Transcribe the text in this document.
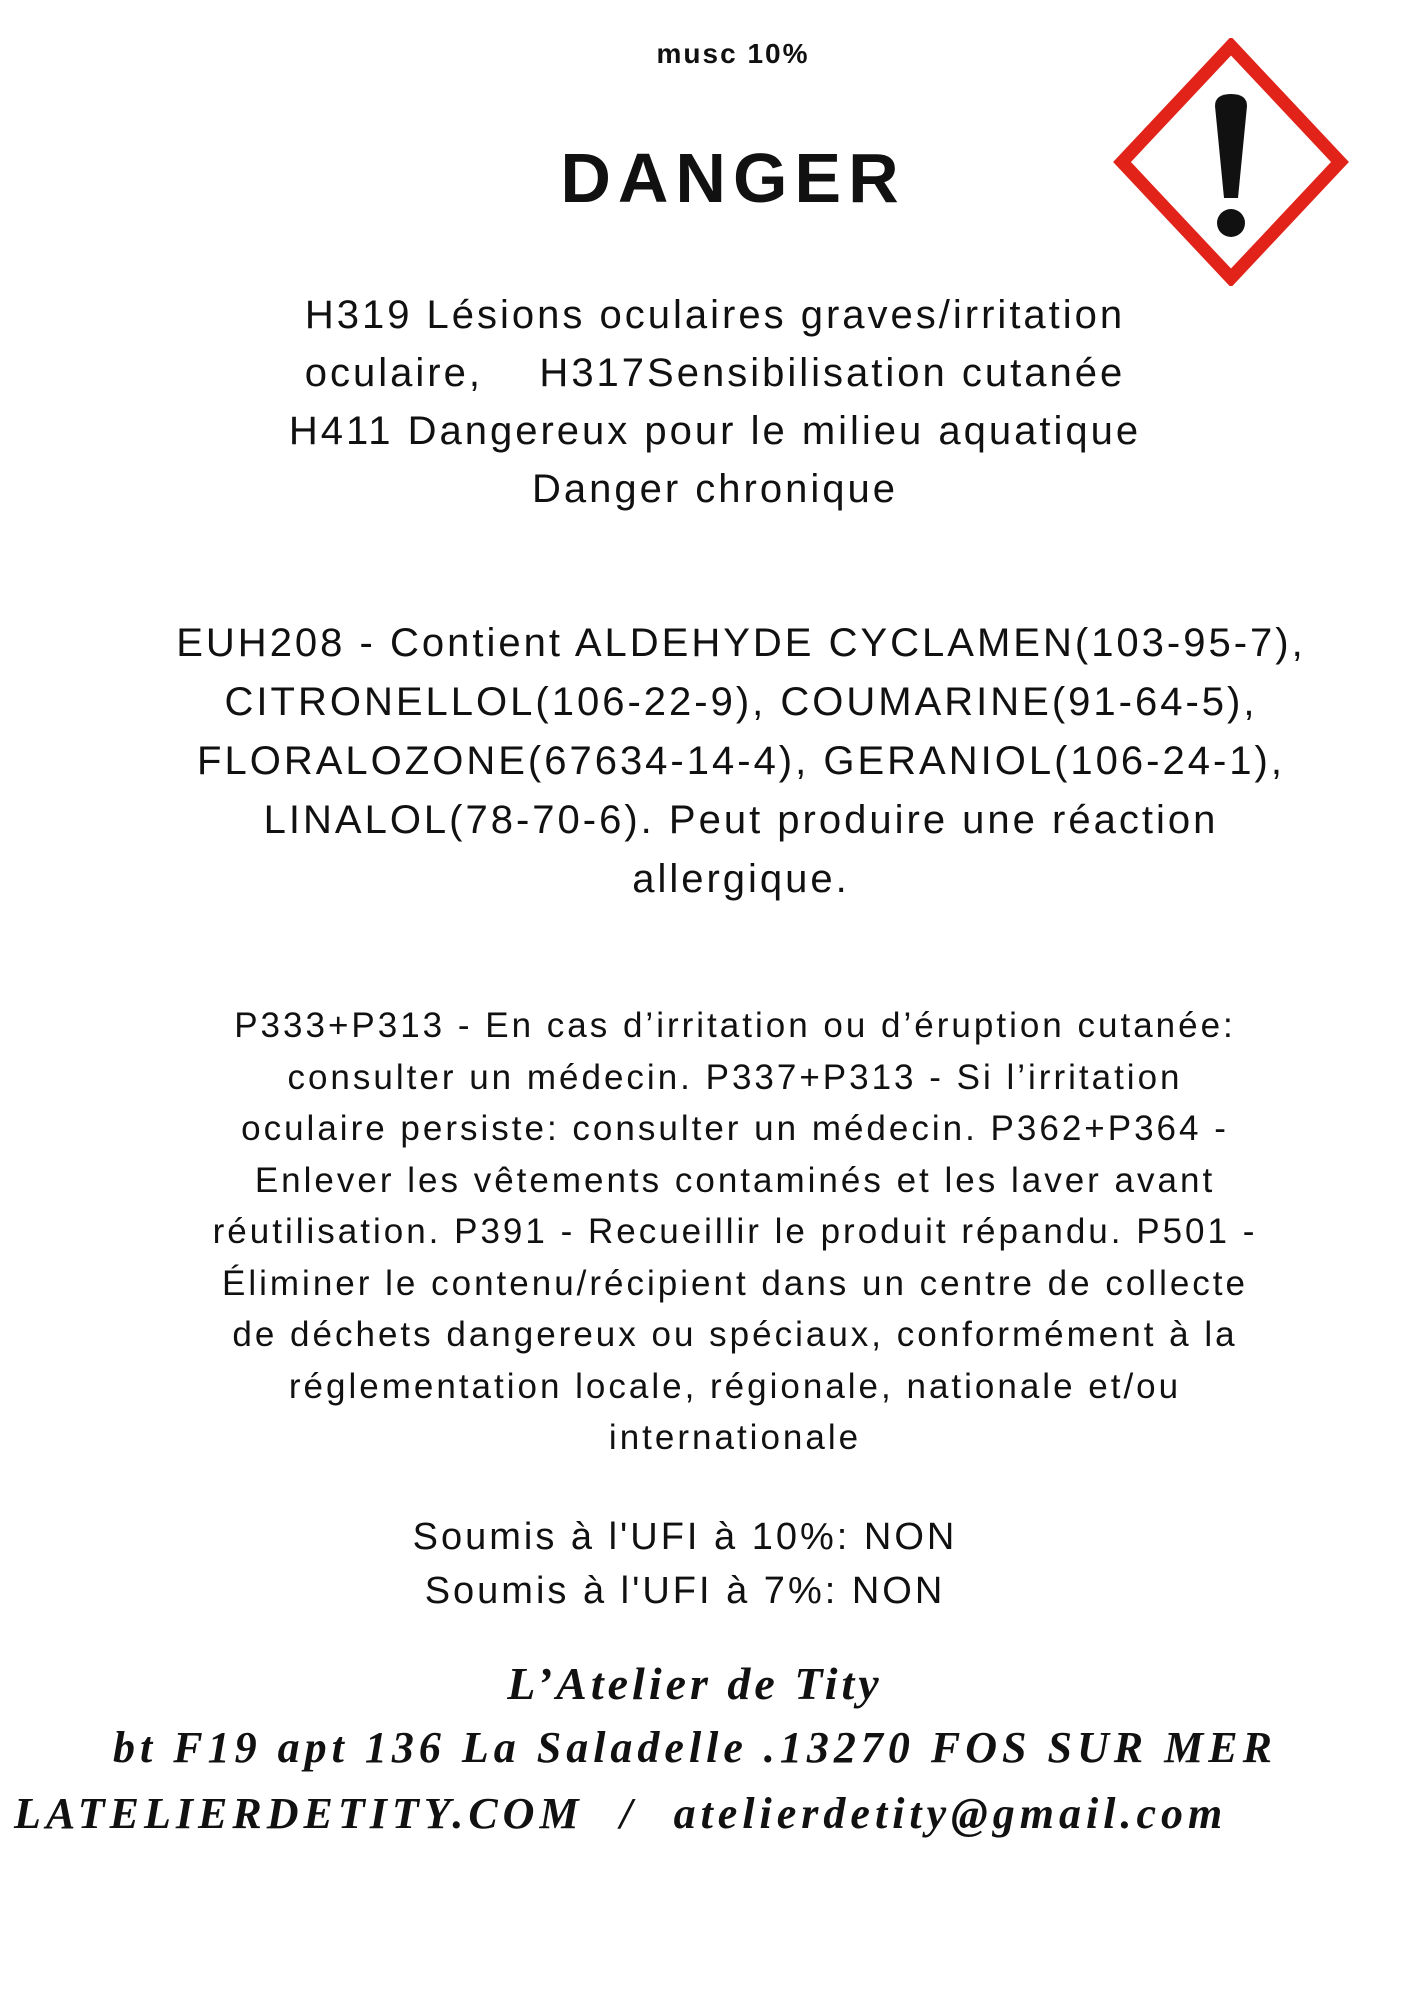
musc 10%
DANGER
H319 Lésions oculaires graves/irritation
oculaire,    H317Sensibilisation cutanée
H411 Dangereux pour le milieu aquatique
Danger chronique
EUH208 - Contient ALDEHYDE CYCLAMEN(103-95-7),
CITRONELLOL(106-22-9), COUMARINE(91-64-5),
FLORALOZONE(67634-14-4), GERANIOL(106-24-1),
LINALOL(78-70-6). Peut produire une réaction
allergique.
P333+P313 - En cas d’irritation ou d’éruption cutanée:
consulter un médecin. P337+P313 - Si l’irritation
oculaire persiste: consulter un médecin. P362+P364 -
Enlever les vêtements contaminés et les laver avant
réutilisation. P391 - Recueillir le produit répandu. P501 -
Éliminer le contenu/récipient dans un centre de collecte
de déchets dangereux ou spéciaux, conformément à la
réglementation locale, régionale, nationale et/ou
internationale
Soumis à l'UFI à 10%: NON
Soumis à l'UFI à 7%: NON
L’Atelier de Tity
bt F19 apt 136 La Saladelle .13270 FOS SUR MER
LATELIERDETITY.COM / atelierdetity@gmail.com
